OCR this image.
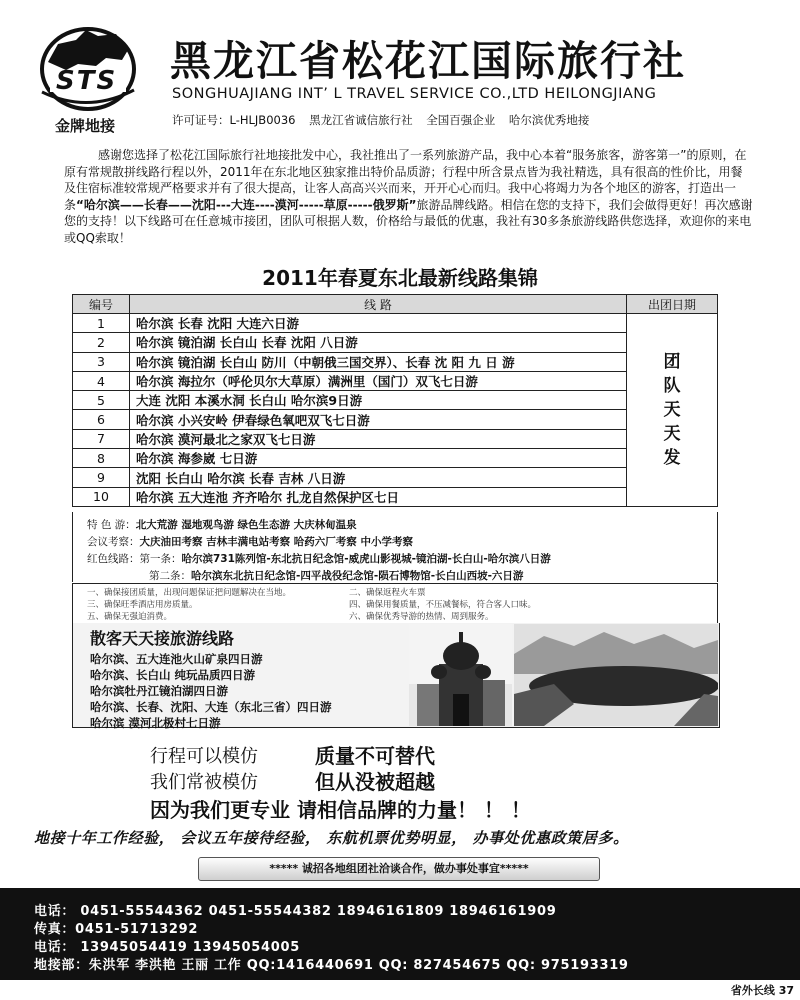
STS
金牌地接
黑龙江省松花江国际旅行社
SONGHUAJIANG INT’ L TRAVEL SERVICE CO.,LTD HEILONGJIANG
许可证号：L-HLJB0036 黑龙江省诚信旅行社 全国百强企业 哈尔滨优秀地接
感谢您选择了松花江国际旅行社地接批发中心，我社推出了一系列旅游产品，我中心本着“服务旅客，游客第一”的原则，在原有常规散拼线路行程以外，2011年在东北地区独家推出特价品质游；行程中所含景点皆为我社精选，具有很高的性价比，用餐及住宿标准较常规严格要求并有了很大提高，让客人高高兴兴而来，开开心心而归。我中心将竭力为各个地区的游客，打造出一条“哈尔滨——长春——沈阳---大连----漠河-----草原-----俄罗斯”旅游品牌线路。相信在您的支持下，我们会做得更好！再次感谢您的支持！以下线路可在任意城市接团，团队可根据人数，价格给与最低的优惠，我社有30多条旅游线路供您选择，欢迎你的来电或QQ索取！
2011年春夏东北最新线路集锦
编号	线 路	出团日期
1	哈尔滨 长春 沈阳 大连六日游	团
队
天
天
发
2	哈尔滨 镜泊湖 长白山 长春 沈阳 八日游	
3	哈尔滨 镜泊湖 长白山 防川（中朝俄三国交界）、长春 沈 阳 九 日 游	
4	哈尔滨 海拉尔（呼伦贝尔大草原）满洲里（国门）双飞七日游	
5	大连 沈阳 本溪水洞 长白山 哈尔滨9日游	
6	哈尔滨 小兴安岭 伊春绿色氧吧双飞七日游	
7	哈尔滨 漠河最北之家双飞七日游	
8	哈尔滨 海参崴 七日游	
9	沈阳 长白山 哈尔滨 长春 吉林 八日游	
10	哈尔滨 五大连池 齐齐哈尔 扎龙自然保护区七日	
特 色 游：北大荒游 湿地观鸟游 绿色生态游 大庆林甸温泉
会议考察：大庆油田考察 吉林丰满电站考察 哈药六厂考察 中小学考察
红色线路：第一条：哈尔滨731陈列馆-东北抗日纪念馆-威虎山影视城-镜泊湖-长白山-哈尔滨八日游
第二条：哈尔滨东北抗日纪念馆-四平战役纪念馆-陨石博物馆-长白山西坡-六日游
一、确保接团质量，出现问题保证把问题解决在当地。	二、确保返程火车票
三、确保旺季酒店用房质量。	四、确保用餐质量，不压减餐标，符合客人口味。
五、确保无强迫消费。	六、确保优秀导游的热情、周到服务。
散客天天接旅游线路
哈尔滨、五大连池火山矿泉四日游
哈尔滨、长白山 纯玩品质四日游
哈尔滨牡丹江镜泊湖四日游
哈尔滨、长春、沈阳、大连（东北三省）四日游
哈尔滨 漠河北极村七日游
行程可以模仿	质量不可替代
我们常被模仿	但从没被超越
因为我们更专业 请相信品牌的力量！ ！ ！
地接十年工作经验， 会议五年接待经验， 东航机票优势明显， 办事处优惠政策居多。
***** 诚招各地组团社洽谈合作，做办事处事宜*****
电话： 0451-55544362 0451-55544382 18946161809 18946161909
传真：0451-51713292
电话： 13945054419 13945054005
地接部：朱洪军 李洪艳 王丽 工作 QQ:1416440691 QQ: 827454675 QQ: 975193319
省外长线 37
